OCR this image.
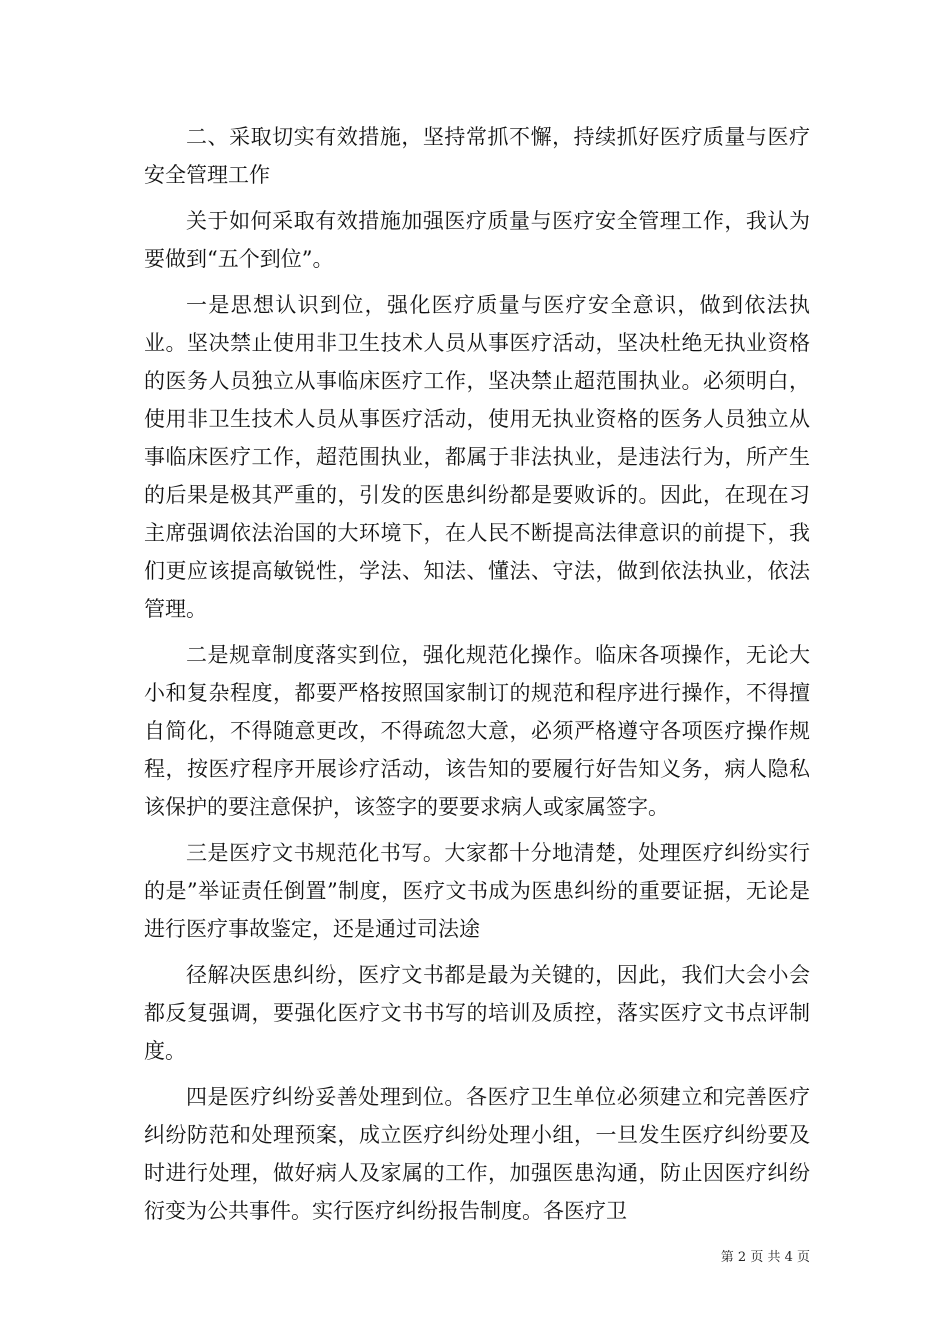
二、采取切实有效措施，坚持常抓不懈，持续抓好医疗质量与医疗安全管理工作

关于如何采取有效措施加强医疗质量与医疗安全管理工作，我认为要做到“五个到位”。

一是思想认识到位，强化医疗质量与医疗安全意识，做到依法执业。坚决禁止使用非卫生技术人员从事医疗活动，坚决杜绝无执业资格的医务人员独立从事临床医疗工作，坚决禁止超范围执业。必须明白，使用非卫生技术人员从事医疗活动，使用无执业资格的医务人员独立从事临床医疗工作，超范围执业，都属于非法执业，是违法行为，所产生的后果是极其严重的，引发的医患纠纷都是要败诉的。因此，在现在习主席强调依法治国的大环境下，在人民不断提高法律意识的前提下，我们更应该提高敏锐性，学法、知法、懂法、守法，做到依法执业，依法管理。

二是规章制度落实到位，强化规范化操作。临床各项操作，无论大小和复杂程度，都要严格按照国家制订的规范和程序进行操作，不得擅自简化，不得随意更改，不得疏忽大意，必须严格遵守各项医疗操作规程，按医疗程序开展诊疗活动，该告知的要履行好告知义务，病人隐私该保护的要注意保护，该签字的要要求病人或家属签字。

三是医疗文书规范化书写。大家都十分地清楚，处理医疗纠纷实行的是”举证责任倒置”制度，医疗文书成为医患纠纷的重要证据，无论是进行医疗事故鉴定，还是通过司法途

径解决医患纠纷，医疗文书都是最为关键的，因此，我们大会小会都反复强调，要强化医疗文书书写的培训及质控，落实医疗文书点评制度。

四是医疗纠纷妥善处理到位。各医疗卫生单位必须建立和完善医疗纠纷防范和处理预案，成立医疗纠纷处理小组，一旦发生医疗纠纷要及时进行处理，做好病人及家属的工作，加强医患沟通，防止因医疗纠纷衍变为公共事件。实行医疗纠纷报告制度。各医疗卫

第 2 页 共 4 页
